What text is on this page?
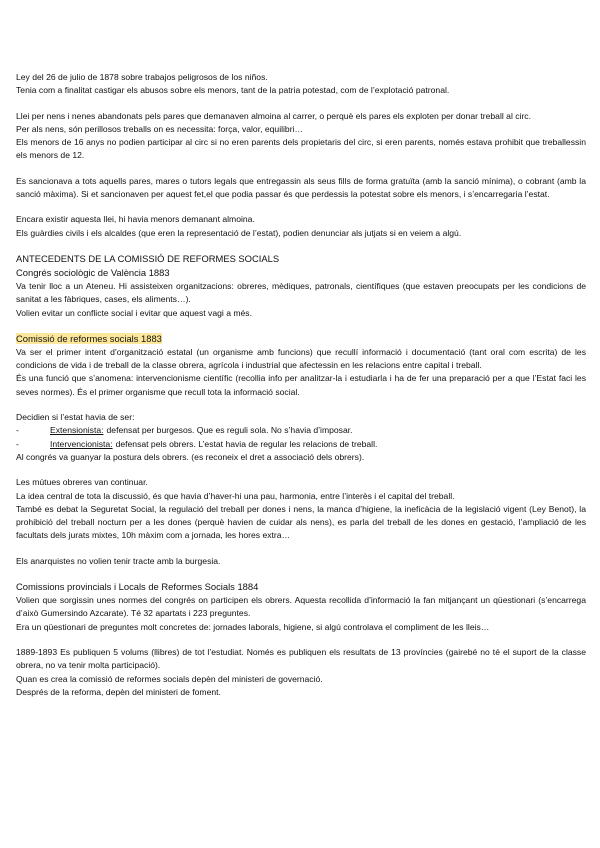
Ley del 26 de julio de 1878 sobre trabajos peligrosos de los niños.

Tenia com a finalitat castigar els abusos sobre els menors, tant de la patria potestad, com de l’explotació patronal.

Llei per nens i nenes abandonats pels pares que demanaven almoina al carrer, o perquè els pares els exploten per donar treball al circ.

Per als nens, són perillosos treballs on es necessita: força, valor, equilibri…

Els menors de 16 anys no podien participar al circ si no eren parents dels propietaris del circ, si eren parents, només estava prohibit que treballessin els menors de 12.

Es sancionava a tots aquells pares, mares o tutors legals que entregassin als seus fills de forma gratuïta (amb la sanció mínima), o cobrant (amb la sanció màxima). Si et sancionaven per aquest fet,el que podia passar és que perdessis la potestat sobre els menors, i s’encarregaria l’estat.

Encara existir aquesta llei, hi havia menors demanant almoina.

Els guàrdies civils i els alcaldes (que eren la representació de l’estat), podien denunciar als jutjats si en veiem a algú.

ANTECEDENTS DE LA COMISSIÓ DE REFORMES SOCIALS

Congrés sociològic de València 1883

Va tenir lloc a un Ateneu. Hi assisteixen organitzacions: obreres, mèdiques, patronals, científiques (que estaven preocupats per les condicions de sanitat a les fàbriques, cases, els aliments…).

Volien evitar un conflicte social i evitar que aquest vagi a més.

Comissió de reformes socials 1883

Va ser el primer intent d’organització estatal (un organisme amb funcions) que recullí informació i documentació (tant oral com escrita) de les condicions de vida i de treball de la classe obrera, agrícola i industrial que afectessin en les relacions entre capital i treball.

És una funció que s’anomena: intervencionisme científic (recollia info per analitzar-la i estudiarla i ha de fer una preparació per a que l’Estat faci les seves normes). És el primer organisme que recull tota la informació social.

Decidien si l’estat havia de ser:

-	Extensionista: defensat per burgesos. Que es reguli sola. No s’havia d’imposar.
-	Intervencionista: defensat pels obrers. L’estat havia de regular les relacions de treball.

Al congrés va guanyar la postura dels obrers. (es reconeix el dret a associació dels obrers).

Les mútues obreres van continuar.

La idea central de tota la discussió, és que havia d’haver-hi una pau, harmonia, entre l’interès i el capital del treball.

També es debat la Seguretat Social, la regulació del treball per dones i nens, la manca d’higiene, la ineficàcia de la legislació vigent (Ley Benot), la prohibició del treball nocturn per a les dones (perquè havien de cuidar als nens), es parla del treball de les dones en gestació, l’ampliació de les facultats dels jurats mixtes, 10h màxim com a jornada, les hores extra…

Els anarquistes no volien tenir tracte amb la burgesia.

Comissions provincials i Locals de Reformes Socials 1884

Volien que sorgissin unes normes del congrés on participen els obrers. Aquesta recollida d’informació la fan mitjançant un qüestionari (s’encarrega d’això Gumersindo Azcarate). Té 32 apartats i 223 preguntes.

Era un qüestionari de preguntes molt concretes de: jornades laborals, higiene, si algú controlava el compliment de les lleis…

1889-1893 Es publiquen 5 volums (llibres) de tot l’estudiat. Només es publiquen els resultats de 13 províncies (gairebé no té el suport de la classe obrera, no va tenir molta participació).

Quan es crea la comissió de reformes socials depèn del ministeri de governació.

Després de la reforma, depèn del ministeri de foment.
